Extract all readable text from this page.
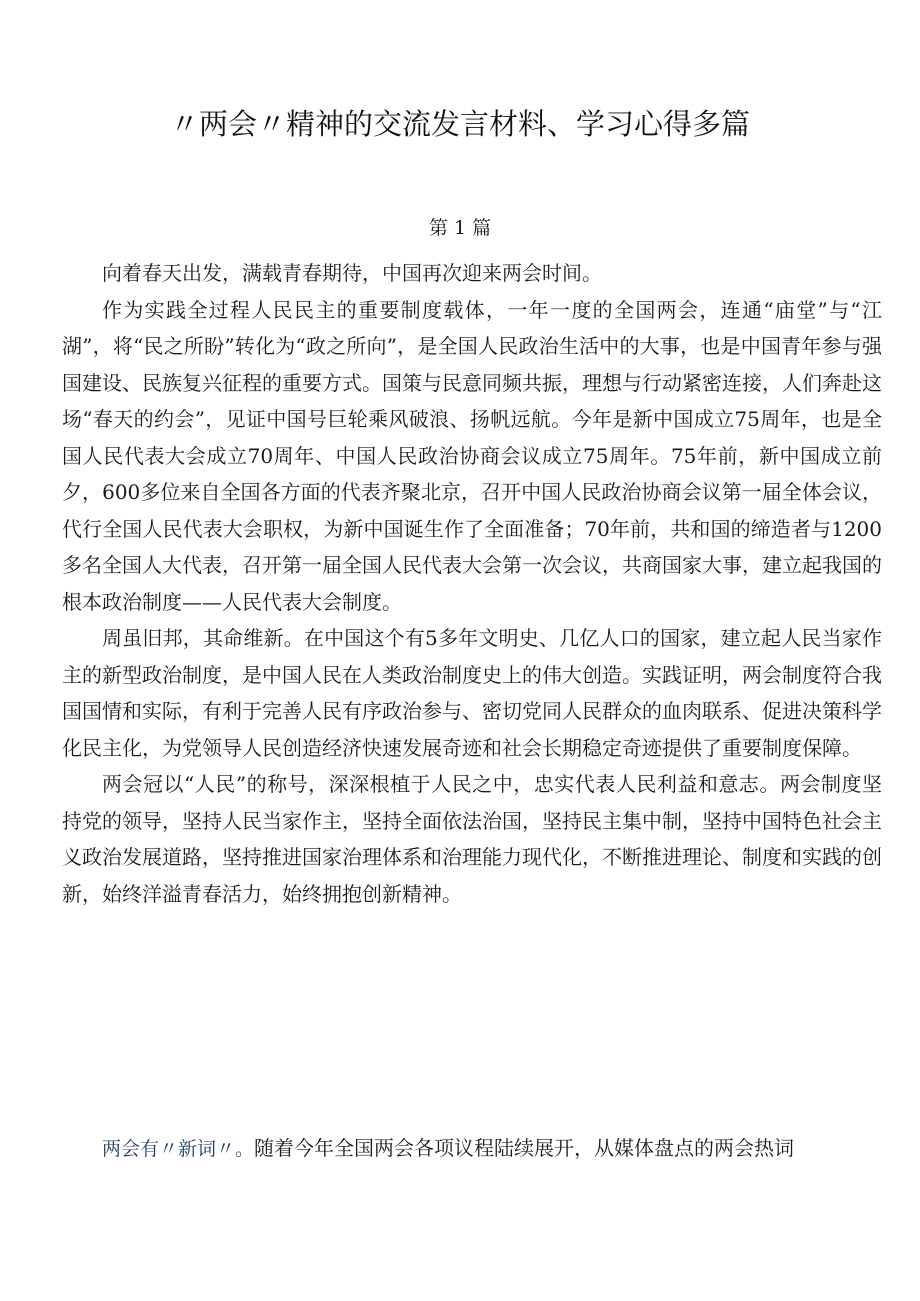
〃两会〃精神的交流发言材料、学习心得多篇
第 1 篇

向着春天出发，满载青春期待，中国再次迎来两会时间。

作为实践全过程人民民主的重要制度载体，一年一度的全国两会，连通“庙堂”与“江湖”，将“民之所盼”转化为“政之所向”，是全国人民政治生活中的大事，也是中国青年参与强国建设、民族复兴征程的重要方式。国策与民意同频共振，理想与行动紧密连接，人们奔赴这场“春天的约会”，见证中国号巨轮乘风破浪、扬帆远航。今年是新中国成立75周年，也是全国人民代表大会成立70周年、中国人民政治协商会议成立75周年。75年前，新中国成立前夕，600多位来自全国各方面的代表齐聚北京，召开中国人民政治协商会议第一届全体会议，代行全国人民代表大会职权，为新中国诞生作了全面准备；70年前，共和国的缔造者与1200多名全国人大代表，召开第一届全国人民代表大会第一次会议，共商国家大事，建立起我国的根本政治制度——人民代表大会制度。

周虽旧邦，其命维新。在中国这个有5多年文明史、几亿人口的国家，建立起人民当家作主的新型政治制度，是中国人民在人类政治制度史上的伟大创造。实践证明，两会制度符合我国国情和实际，有利于完善人民有序政治参与、密切党同人民群众的血肉联系、促进决策科学化民主化，为党领导人民创造经济快速发展奇迹和社会长期稳定奇迹提供了重要制度保障。

两会冠以“人民”的称号，深深根植于人民之中，忠实代表人民利益和意志。两会制度坚持党的领导，坚持人民当家作主，坚持全面依法治国，坚持民主集中制，坚持中国特色社会主义政治发展道路，坚持推进国家治理体系和治理能力现代化，不断推进理论、制度和实践的创新，始终洋溢青春活力，始终拥抱创新精神。

两会有〃新词〃。随着今年全国两会各项议程陆续展开，从媒体盘点的两会热词
